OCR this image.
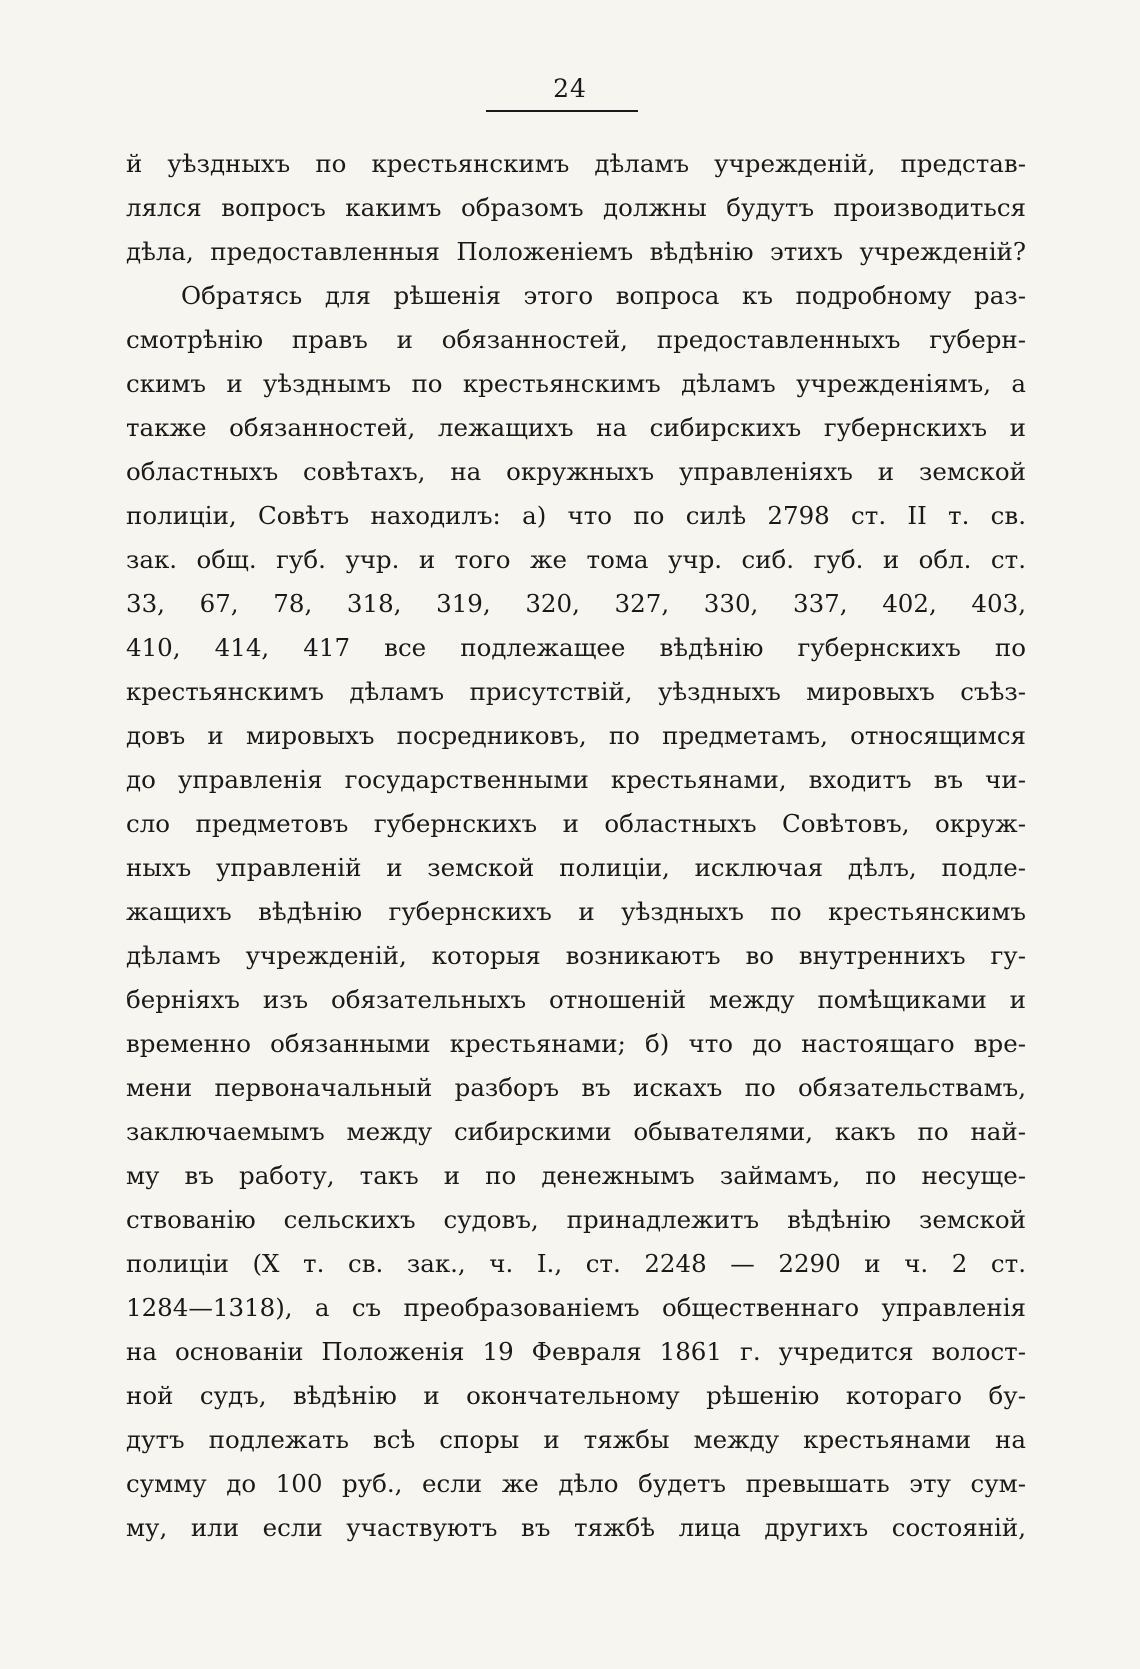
24
й уѣздныхъ по крестьянскимъ дѣламъ учрежденій, представ-
лялся вопросъ какимъ образомъ должны будутъ производиться
дѣла, предоставленныя Положеніемъ вѣдѣнію этихъ учрежденій?
Обратясь для рѣшенія этого вопроса къ подробному раз-
смотрѣнію правъ и обязанностей, предоставленныхъ губерн-
скимъ и уѣзднымъ по крестьянскимъ дѣламъ учрежденіямъ, а
также обязанностей, лежащихъ на сибирскихъ губернскихъ и
областныхъ совѣтахъ, на окружныхъ управленіяхъ и земской
полиціи, Совѣтъ находилъ: а) что по силѣ 2798 ст. II т. св.
зак. общ. губ. учр. и того же тома учр. сиб. губ. и обл. ст.
33, 67, 78, 318, 319, 320, 327, 330, 337, 402, 403,
410, 414, 417 все подлежащее вѣдѣнію губернскихъ по
крестьянскимъ дѣламъ присутствій, уѣздныхъ мировыхъ съѣз-
довъ и мировыхъ посредниковъ, по предметамъ, относящимся
до управленія государственными крестьянами, входитъ въ чи-
сло предметовъ губернскихъ и областныхъ Совѣтовъ, окруж-
ныхъ управленій и земской полиціи, исключая дѣлъ, подле-
жащихъ вѣдѣнію губернскихъ и уѣздныхъ по крестьянскимъ
дѣламъ учрежденій, которыя возникаютъ во внутреннихъ гу-
берніяхъ изъ обязательныхъ отношеній между помѣщиками и
временно обязанными крестьянами; б) что до настоящаго вре-
мени первоначальный разборъ въ искахъ по обязательствамъ,
заключаемымъ между сибирскими обывателями, какъ по най-
му въ работу, такъ и по денежнымъ займамъ, по несуще-
ствованію сельскихъ судовъ, принадлежитъ вѣдѣнію земской
полиціи (X т. св. зак., ч. I., ст. 2248 — 2290 и ч. 2 ст.
1284—1318), а съ преобразованіемъ общественнаго управленія
на основаніи Положенія 19 Февраля 1861 г. учредится волост-
ной судъ, вѣдѣнію и окончательному рѣшенію котораго бу-
дутъ подлежать всѣ споры и тяжбы между крестьянами на
сумму до 100 руб., если же дѣло будетъ превышать эту сум-
му, или если участвуютъ въ тяжбѣ лица другихъ состояній,
